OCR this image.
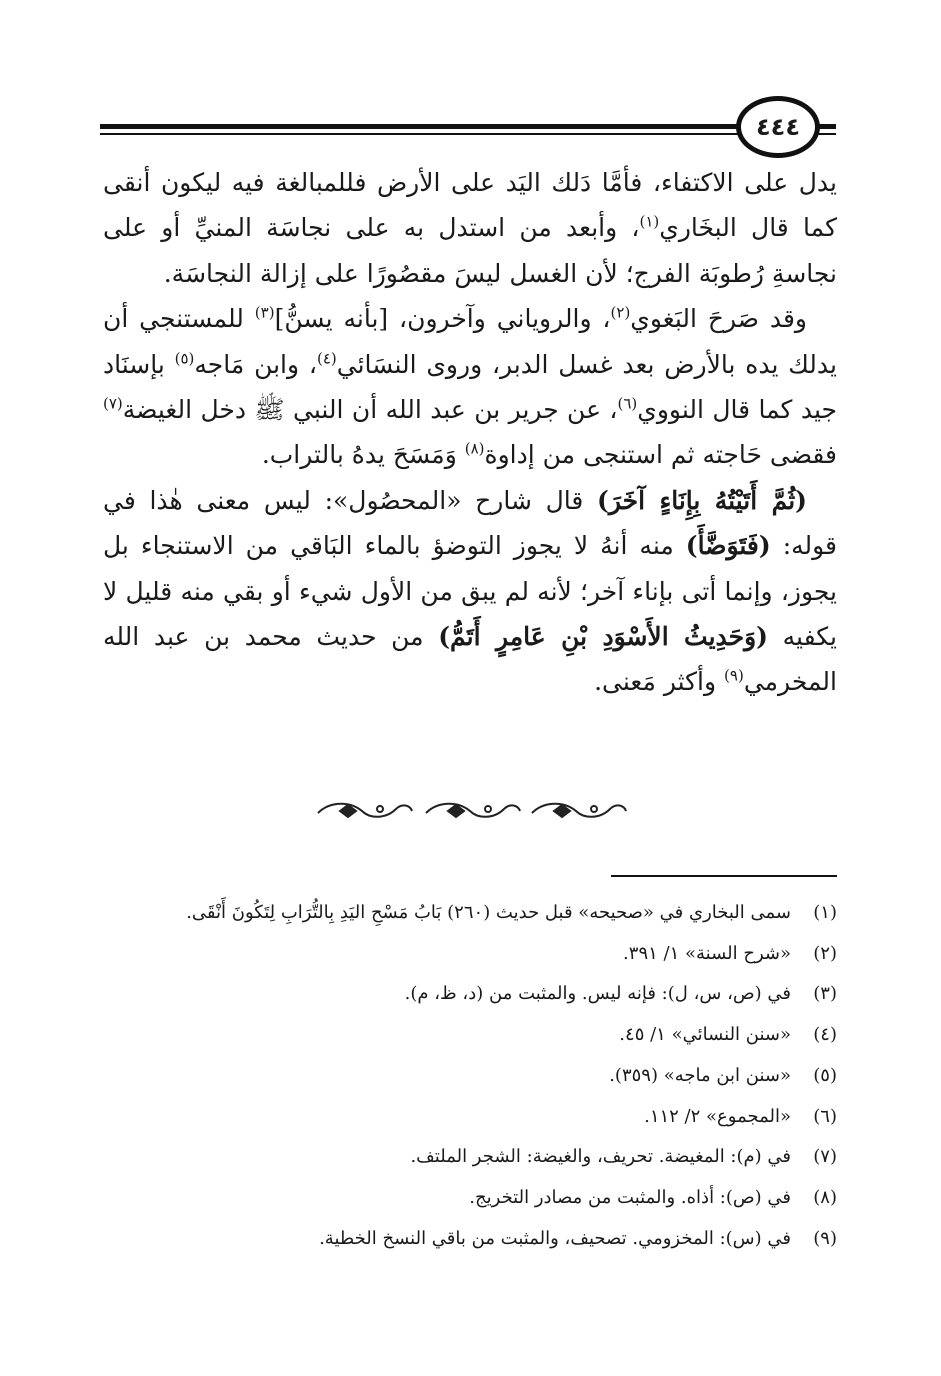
٤٤٤

يدل على الاكتفاء، فأمَّا دَلك اليَد على الأرض فللمبالغة فيه ليكون أنقى كما قال البخَاري$^{(١)}$، وأبعد من استدل به على نجاسَة المنيِّ أو على نجاسةِ رُطوبَة الفرج؛ لأن الغسل ليسَ مقصُورًا على إزالة النجاسَة.

وقد صَرحَ البَغوي$^{(٢)}$، والروياني وآخرون، [بأنه يسنُّ]$^{(٣)}$ للمستنجي أن يدلك يده بالأرض بعد غسل الدبر، وروى النسَائي$^{(٤)}$، وابن مَاجه$^{(٥)}$ بإسنَاد جيد كما قال النووي$^{(٦)}$، عن جرير بن عبد الله أن النبي ﷺ دخل الغيضة$^{(٧)}$ فقضى حَاجته ثم استنجى من إداوة$^{(٨)}$ وَمَسَحَ يدهُ بالتراب.

(ثُمَّ أَتَيْتُهُ بِإِنَاءٍ آخَرَ) قال شارح «المحصُول»: ليس معنى هٰذا في قوله: (فَتَوَضَّأَ) منه أنهُ لا يجوز التوضؤ بالماء البَاقي من الاستنجاء بل يجوز، وإنما أتى بإناء آخر؛ لأنه لم يبق من الأول شيء أو بقي منه قليل لا يكفيه (وَحَدِيثُ الأَسْوَدِ بْنِ عَامِرٍ أَتَمُّ) من حديث محمد بن عبد الله المخرمي$^{(٩)}$ وأكثر مَعنى.

(١)
سمى البخاري في «صحيحه» قبل حديث (٢٦٠) بَابُ مَسْحِ اليَدِ بِالتُّرَابِ لِتَكُونَ أَنْقَى.
(٢)
«شرح السنة» ١/ ٣٩١.
(٣)
في (ص، س، ل): فإنه ليس. والمثبت من (د، ظ، م).
(٤)
«سنن النسائي» ١/ ٤٥.
(٥)
«سنن ابن ماجه» (٣٥٩).
(٦)
«المجموع» ٢/ ١١٢.
(٧)
في (م): المغيضة. تحريف، والغيضة: الشجر الملتف.
(٨)
في (ص): أذاه. والمثبت من مصادر التخريج.
(٩)
في (س): المخزومي. تصحيف، والمثبت من باقي النسخ الخطية.
